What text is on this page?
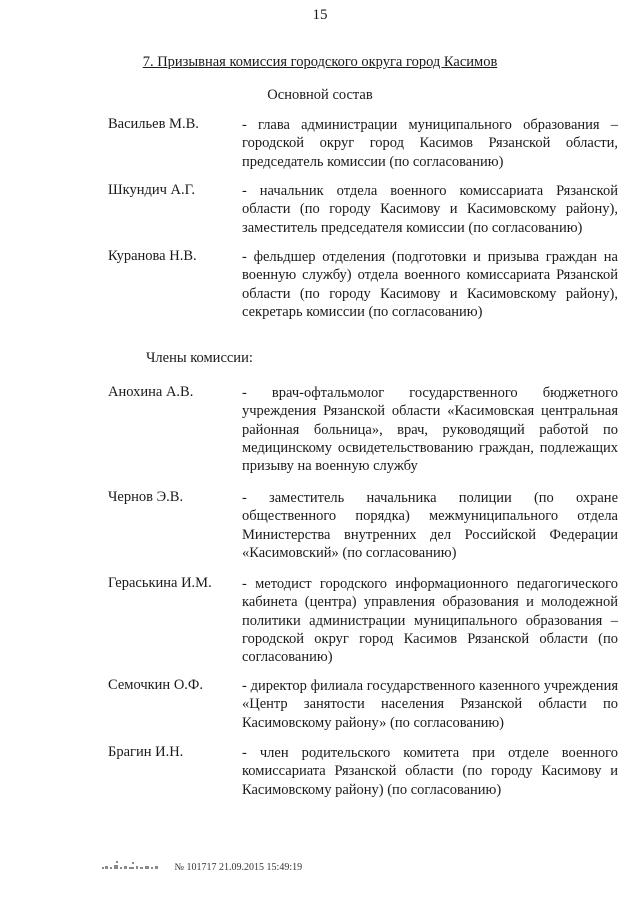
15
7. Призывная комиссия городского округа город Касимов
Основной состав
Васильев М.В.	- глава администрации муниципального образования – городской округ город Касимов Рязанской области, председатель комиссии (по согласованию)
Шкундич А.Г.	- начальник отдела военного комиссариата Рязанской области (по городу Касимову и Касимовскому району), заместитель председателя комиссии (по согласованию)
Куранова Н.В.	- фельдшер отделения (подготовки и призыва граждан на военную службу) отдела военного комиссариата Рязанской области (по городу Касимову и Касимовскому району), секретарь комиссии (по согласованию)
Члены комиссии:
Анохина А.В.	- врач-офтальмолог государственного бюджетного учреждения Рязанской области «Касимовская центральная районная больница», врач, руководящий работой по медицинскому освидетельствованию граждан, подлежащих призыву на военную службу
Чернов Э.В.	- заместитель начальника полиции (по охране общественного порядка) межмуниципального отдела Министерства внутренних дел Российской Федерации «Касимовский» (по согласованию)
Гераськина И.М. - методист городского информационного педагогического кабинета (центра) управления образования и молодежной политики администрации муниципального образования – городской округ город Касимов Рязанской области (по согласованию)
Семочкин О.Ф.	- директор филиала государственного казенного учреждения «Центр занятости населения Рязанской области по Касимовскому району» (по согласованию)
Брагин И.Н.	- член родительского комитета при отделе военного комиссариата Рязанской области (по городу Касимову и Касимовскому району) (по согласованию)
№ 101717 21.09.2015 15:49:19
